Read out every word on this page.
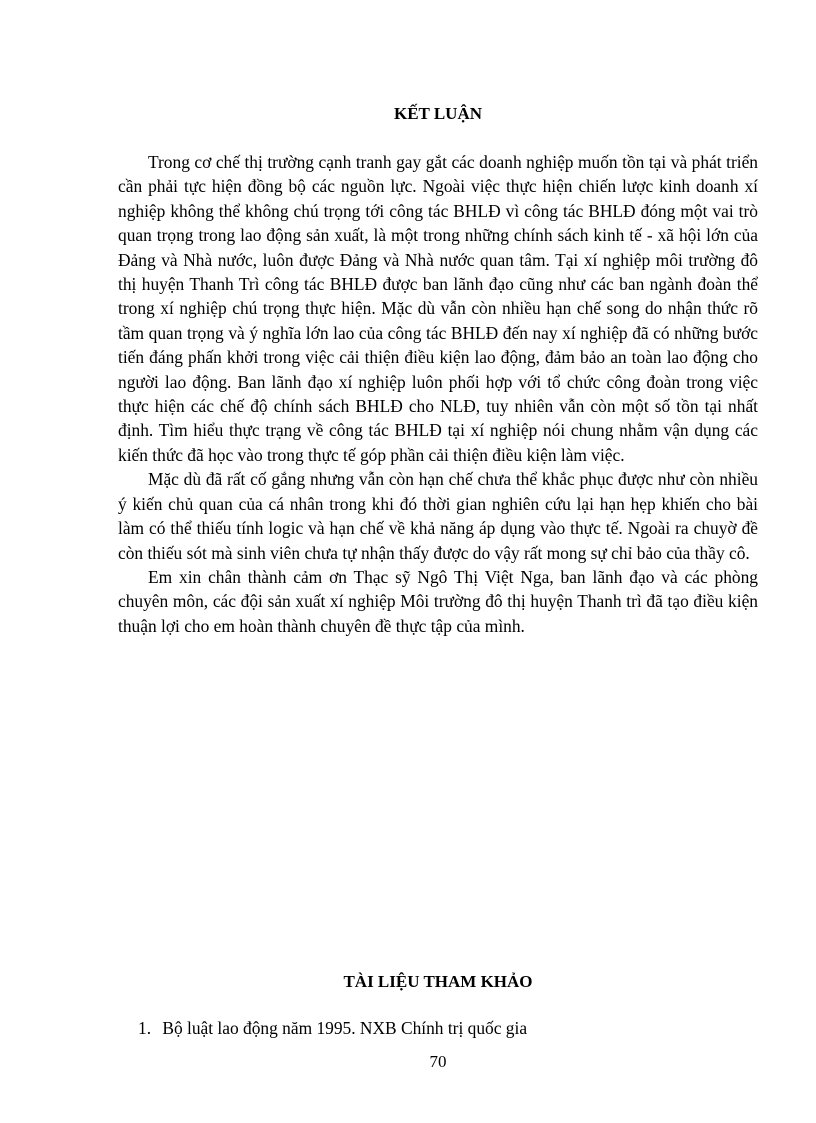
KẾT LUẬN

Trong cơ chế thị trường cạnh tranh gay gắt các doanh nghiệp muốn tồn tại và phát triển cần phải tực hiện đồng bộ các nguồn lực. Ngoài việc thực hiện chiến lược kinh doanh xí nghiệp không thể không chú trọng tới công tác BHLĐ vì công tác BHLĐ đóng một vai trò quan trọng trong lao động sản xuất, là một trong những chính sách kinh tế - xã hội lớn của Đảng và Nhà nước, luôn được Đảng và Nhà nước quan tâm. Tại xí nghiệp môi trường đô thị huyện Thanh Trì công tác BHLĐ được ban lãnh đạo cũng như các ban ngành đoàn thể trong xí nghiệp chú trọng thực hiện. Mặc dù vẫn còn nhiều hạn chế song do nhận thức rõ tầm quan trọng và ý nghĩa lớn lao của công tác BHLĐ đến nay xí nghiệp đã có những bước tiến đáng phấn khởi trong việc cải thiện điều kiện lao động, đảm bảo an toàn lao động cho người lao động. Ban lãnh đạo xí nghiệp luôn phối hợp với tổ chức công đoàn trong việc thực hiện các chế độ chính sách BHLĐ cho NLĐ, tuy nhiên vẫn còn một số tồn tại nhất định. Tìm hiểu thực trạng về công tác BHLĐ tại xí nghiệp nói chung nhằm vận dụng các kiến thức đã học vào trong thực tế góp phần cải thiện điều kiện làm việc.

Mặc dù đã rất cố gắng nhưng vẫn còn hạn chế chưa thể khắc phục được như còn nhiều ý kiến chủ quan của cá nhân trong khi đó thời gian nghiên cứu lại hạn hẹp khiến cho bài làm có thể thiếu tính logic và hạn chế về khả năng áp dụng vào thực tế. Ngoài ra chuyờ đề còn thiếu sót mà sinh viên chưa tự nhận thấy được do vậy rất mong sự chỉ bảo của thầy cô.

Em xin chân thành cảm ơn Thạc sỹ Ngô Thị Việt Nga, ban lãnh đạo và các phòng chuyên môn, các đội sản xuất xí nghiệp Môi trường đô thị huyện Thanh trì đã tạo điều kiện thuận lợi cho em hoàn thành chuyên đề thực tập của mình.

TÀI LIỆU THAM KHẢO
1. Bộ luật lao động năm 1995. NXB Chính trị quốc gia
70
